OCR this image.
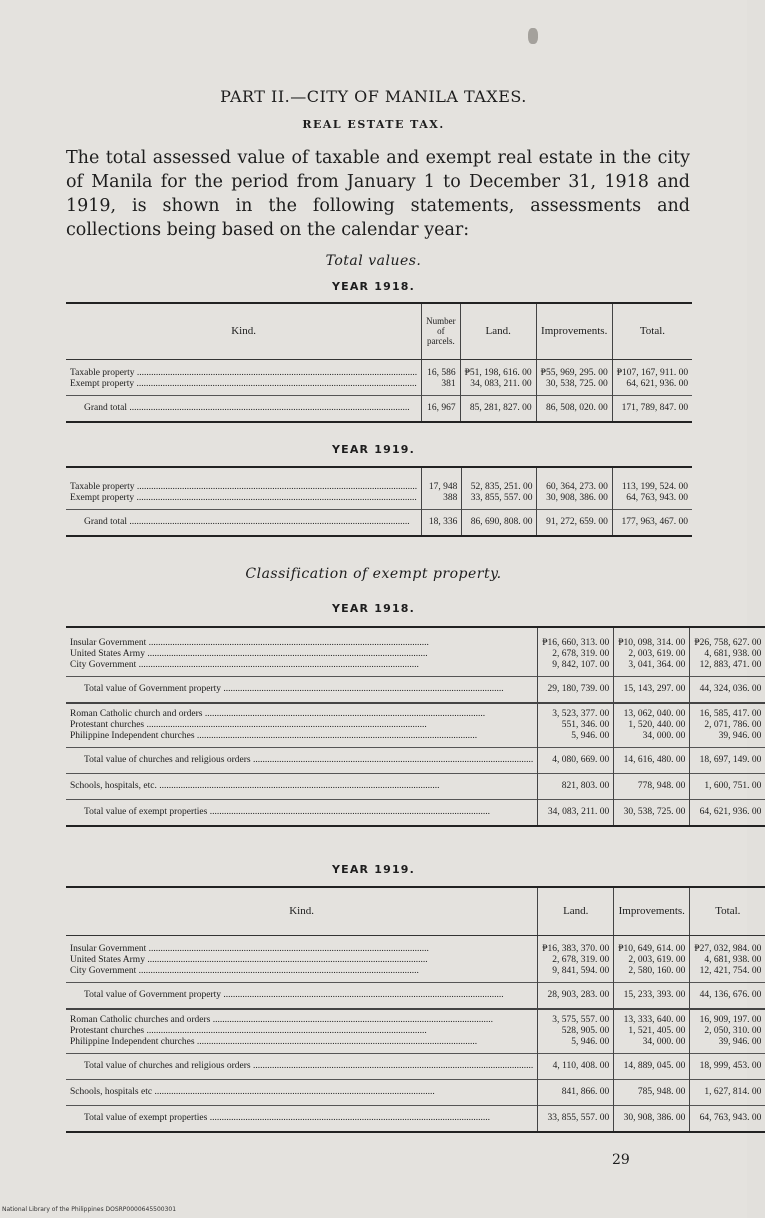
PART II.—CITY OF MANILA TAXES.
REAL ESTATE TAX.
The total assessed value of taxable and exempt real estate in the city of Manila for the period from January 1 to December 31, 1918 and 1919, is shown in the following statements, assessments and collections being based on the calendar year:
Total values.
YEAR 1918.
Kind.	Number of parcels.	Land.	Improvements.	Total.
Taxable property .....	16, 586	₱51, 198, 616. 00	₱55, 969, 295. 00	₱107, 167, 911. 00
Exempt property .....	381	34, 083, 211. 00	30, 538, 725. 00	64, 621, 936. 00
Grand total .....	16, 967	85, 281, 827. 00	86, 508, 020. 00	171, 789, 847. 00
YEAR 1919.
Taxable property .....	17, 948	52, 835, 251. 00	60, 364, 273. 00	113, 199, 524. 00
Exempt property .....	388	33, 855, 557. 00	30, 908, 386. 00	64, 763, 943. 00
Grand total .....	18, 336	86, 690, 808. 00	91, 272, 659. 00	177, 963, 467. 00
Classification of exempt property.
YEAR 1918.
Insular Government .....	₱16, 660, 313. 00	₱10, 098, 314. 00	₱26, 758, 627. 00
United States Army .....	2, 678, 319. 00	2, 003, 619. 00	4, 681, 938. 00
City Government .....	9, 842, 107. 00	3, 041, 364. 00	12, 883, 471. 00
Total value of Government property .....	29, 180, 739. 00	15, 143, 297. 00	44, 324, 036. 00
Roman Catholic church and orders .....	3, 523, 377. 00	13, 062, 040. 00	16, 585, 417. 00
Protestant churches .....	551, 346. 00	1, 520, 440. 00	2, 071, 786. 00
Philippine Independent churches .....	5, 946. 00	34, 000. 00	39, 946. 00
Total value of churches and religious orders .....	4, 080, 669. 00	14, 616, 480. 00	18, 697, 149. 00
Schools, hospitals, etc. .....	821, 803. 00	778, 948. 00	1, 600, 751. 00
Total value of exempt properties .....	34, 083, 211. 00	30, 538, 725. 00	64, 621, 936. 00
YEAR 1919.
Kind.	Land.	Improvements.	Total.
Insular Government .....	₱16, 383, 370. 00	₱10, 649, 614. 00	₱27, 032, 984. 00
United States Army .....	2, 678, 319. 00	2, 003, 619. 00	4, 681, 938. 00
City Government .....	9, 841, 594. 00	2, 580, 160. 00	12, 421, 754. 00
Total value of Government property .....	28, 903, 283. 00	15, 233, 393. 00	44, 136, 676. 00
Roman Catholic churches and orders .....	3, 575, 557. 00	13, 333, 640. 00	16, 909, 197. 00
Protestant churches .....	528, 905. 00	1, 521, 405. 00	2, 050, 310. 00
Philippine Independent churches .....	5, 946. 00	34, 000. 00	39, 946. 00
Total value of churches and religious orders .....	4, 110, 408. 00	14, 889, 045. 00	18, 999, 453. 00
Schools, hospitals etc .....	841, 866. 00	785, 948. 00	1, 627, 814. 00
Total value of exempt properties .....	33, 855, 557. 00	30, 908, 386. 00	64, 763, 943. 00
29
National Library of the Philippines DOSRP0000645500301
